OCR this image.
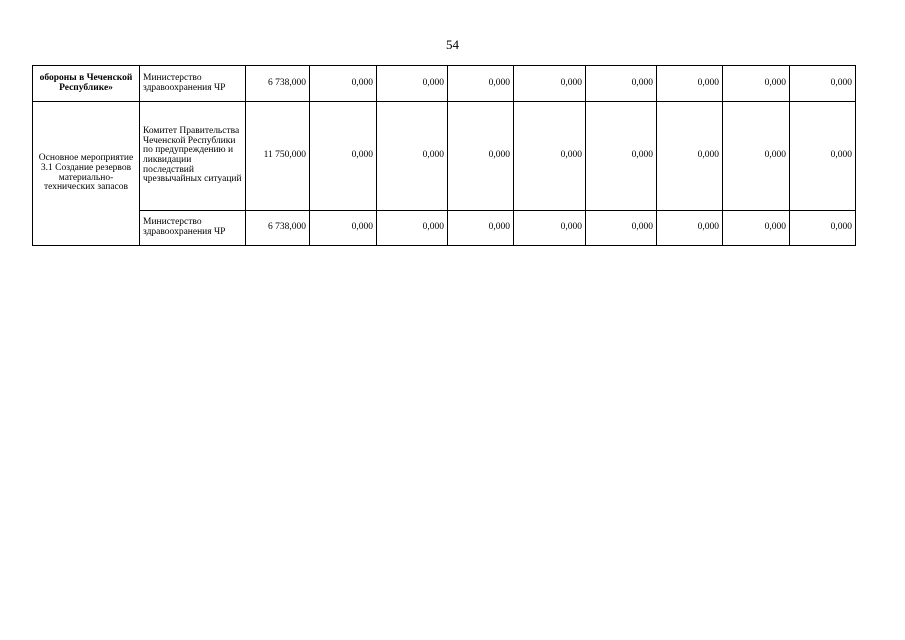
54
обороны в Чеченской Республике»	Министерство здравоохранения ЧР	6 738,000	0,000	0,000	0,000	0,000	0,000	0,000	0,000	0,000
Основное мероприятие 3.1 Создание резервов материально-технических запасов	Комитет Правительства Чеченской Республики по предупреждению и ликвидации последствий чрезвычайных ситуаций	11 750,000	0,000	0,000	0,000	0,000	0,000	0,000	0,000	0,000
	Министерство здравоохранения ЧР	6 738,000	0,000	0,000	0,000	0,000	0,000	0,000	0,000	0,000
